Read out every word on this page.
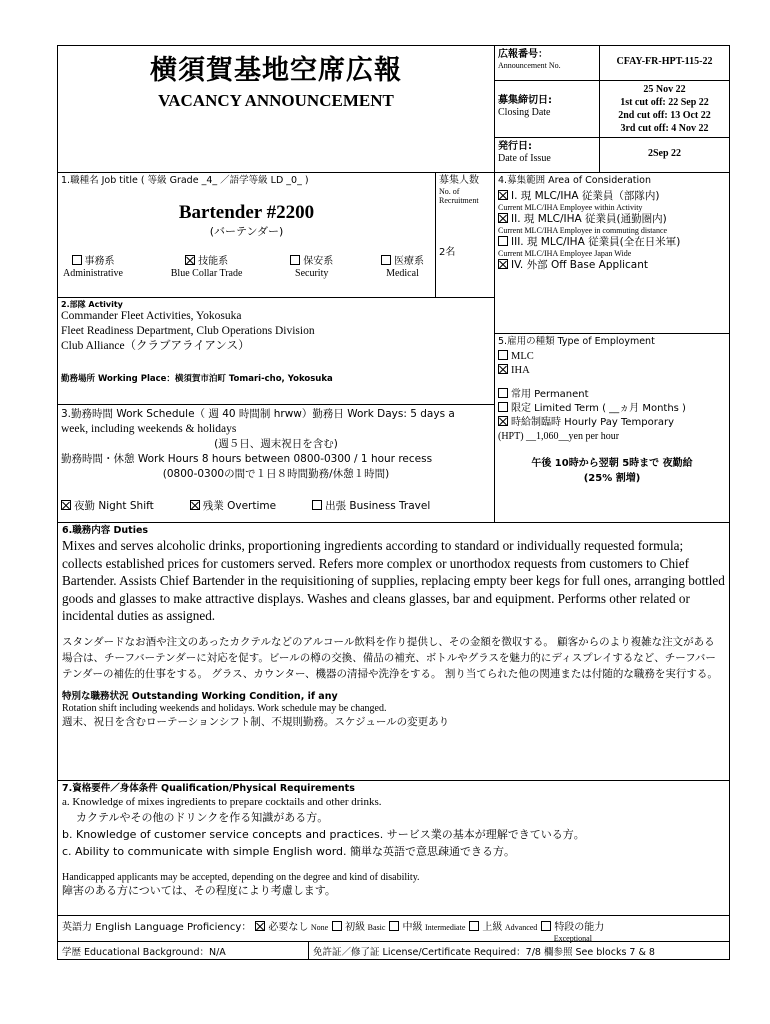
横須賀基地空席広報
VACANCY ANNOUNCEMENT
広報番号：
Announcement No.	CFAY-FR-HPT-115-22
募集締切日:
Closing Date
25 Nov 22
1st cut off: 22 Sep 22
2nd cut off: 13 Oct 22
3rd cut off: 4 Nov 22
発行日:
Date of Issue	2Sep 22
1.職種名 Job title ( 等級 Grade _4_ ／語学等級 LD _0_ )
Bartender #2200
(バーテンダー)
事務系
Administrative
技能系
Blue Collar Trade
保安系
Security
医療系
Medical
募集人数
No. of Recruitment
2名
2.部隊 Activity
Commander Fleet Activities, Yokosuka
Fleet Readiness Department, Club Operations Division
Club Alliance（クラブアライアンス）
勤務場所 Working Place：横須賀市泊町 Tomari-cho, Yokosuka
3.勤務時間 Work Schedule（ 週 40 時間制 hrww）勤務日 Work Days: 5 days a
week, including weekends & holidays
(週５日、週末祝日を含む)
勤務時間・休憩 Work Hours 8 hours between 0800-0300 / 1 hour recess
(0800-0300の間で１日８時間勤務/休憩１時間)
夜勤 Night Shift	残業 Overtime	出張 Business Travel
4.募集範囲 Area of Consideration
I. 現 MLC/IHA 従業員（部隊内)
Current MLC/IHA Employee within Activity
II. 現 MLC/IHA 従業員(通勤圏内)
Current MLC/IHA Employee in commuting distance
III. 現 MLC/IHA 従業員(全在日米軍)
Current MLC/IHA Employee Japan Wide
IV. 外部 Off Base Applicant
5.雇用の種類 Type of Employment
MLC
IHA
常用 Permanent
限定 Limited Term ( __ヵ月 Months )
時給制臨時 Hourly Pay Temporary
(HPT) __1,060__yen per hour
午後 10時から翌朝 5時まで 夜勤給
(25% 割増)
6.職務内容 Duties

Mixes and serves alcoholic drinks, proportioning ingredients according to standard or individually requested formula; collects established prices for customers served. Refers more complex or unorthodox requests from customers to Chief Bartender. Assists Chief Bartender in the requisitioning of supplies, replacing empty beer kegs for full ones, arranging bottled goods and glasses to make attractive displays. Washes and cleans glasses, bar and equipment. Performs other related or incidental duties as assigned.

スタンダードなお酒や注文のあったカクテルなどのアルコール飲料を作り提供し、その金額を徴収する。 顧客からのより複雑な注文がある場合は、チーフバーテンダーに対応を促す。ビールの樽の交換、備品の補充、ボトルやグラスを魅力的にディスプレイするなど、チーフバーテンダーの補佐的仕事をする。 グラス、カウンター、機器の清掃や洗浄をする。 割り当てられた他の関連または付随的な職務を実行する。

特別な職務状況 Outstanding Working Condition, if any
Rotation shift including weekends and holidays. Work schedule may be changed.
週末、祝日を含むローテーションシフト制、不規則勤務。スケジュールの変更あり
7.資格要件／身体条件 Qualification/Physical Requirements
a. Knowledge of mixes ingredients to prepare cocktails and other drinks.
カクテルやその他のドリンクを作る知識がある方。
b. Knowledge of customer service concepts and practices. サービス業の基本が理解できている方。
c. Ability to communicate with simple English word. 簡単な英語で意思疎通できる方。
Handicapped applicants may be accepted, depending on the degree and kind of disability.
障害のある方については、その程度により考慮します。
英語力 English Language Proficiency：	必要なし None	初級 Basic	中級 Intermediate	上級 Advanced	特段の能力
Exceptional
学歴 Educational Background：N/A	免許証／修了証 License/Certificate Required：7/8 欄参照 See blocks 7 & 8
